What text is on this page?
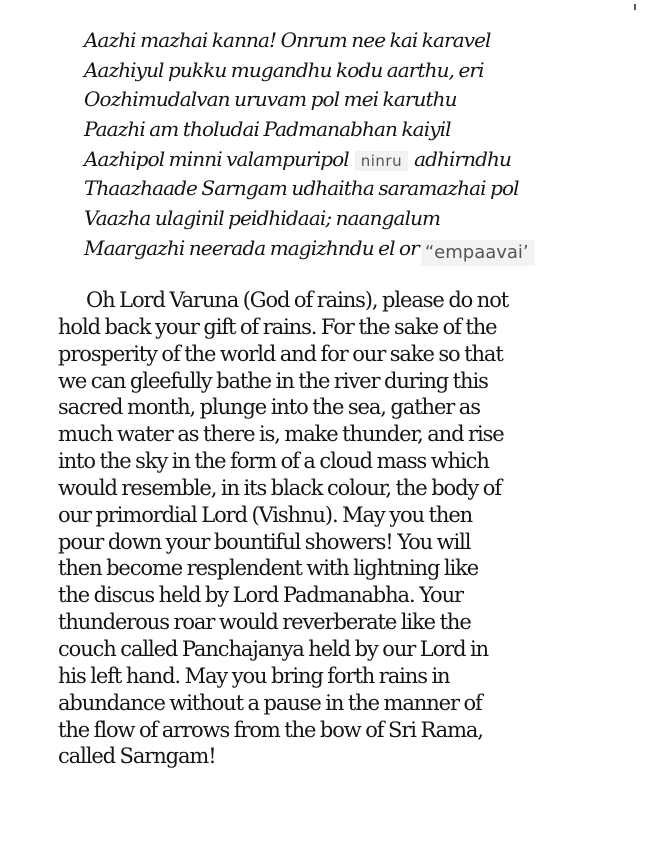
Aazhi mazhai kanna! Onrum nee kai karavel
Aazhiyul pukku mugandhu kodu aarthu, eri
Oozhimudalvan uruvam pol mei karuthu
Paazhi am tholudai Padmanabhan kaiyil
Aazhipol minni valampuripol ninru adhirndhu
Thaazhaade Sarngam udhaitha saramazhai pol
Vaazha ulaginil peidhidaai; naangalum
Maargazhi neerada magizhndu el or “empaavai’
Oh Lord Varuna (God of rains), please do not
hold back your gift of rains. For the sake of the
prosperity of the world and for our sake so that
we can gleefully bathe in the river during this
sacred month, plunge into the sea, gather as
much water as there is, make thunder, and rise
into the sky in the form of a cloud mass which
would resemble, in its black colour, the body of
our primordial Lord (Vishnu). May you then
pour down your bountiful showers! You will
then become resplendent with lightning like
the discus held by Lord Padmanabha. Your
thunderous roar would reverberate like the
couch called Panchajanya held by our Lord in
his left hand. May you bring forth rains in
abundance without a pause in the manner of
the flow of arrows from the bow of Sri Rama,
called Sarngam!
